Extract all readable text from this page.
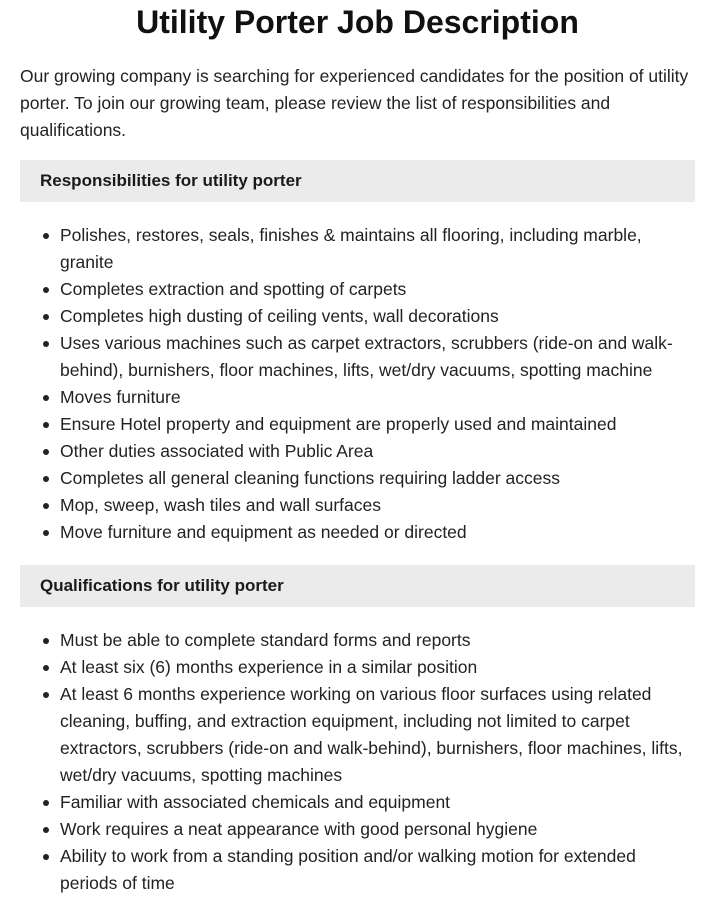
Utility Porter Job Description

Our growing company is searching for experienced candidates for the position of utility porter. To join our growing team, please review the list of responsibilities and qualifications.

Responsibilities for utility porter
Polishes, restores, seals, finishes & maintains all flooring, including marble, granite
Completes extraction and spotting of carpets
Completes high dusting of ceiling vents, wall decorations
Uses various machines such as carpet extractors, scrubbers (ride-on and walk-behind), burnishers, floor machines, lifts, wet/dry vacuums, spotting machine
Moves furniture
Ensure Hotel property and equipment are properly used and maintained
Other duties associated with Public Area
Completes all general cleaning functions requiring ladder access
Mop, sweep, wash tiles and wall surfaces
Move furniture and equipment as needed or directed
Qualifications for utility porter
Must be able to complete standard forms and reports
At least six (6) months experience in a similar position
At least 6 months experience working on various floor surfaces using related cleaning, buffing, and extraction equipment, including not limited to carpet extractors, scrubbers (ride-on and walk-behind), burnishers, floor machines, lifts, wet/dry vacuums, spotting machines
Familiar with associated chemicals and equipment
Work requires a neat appearance with good personal hygiene
Ability to work from a standing position and/or walking motion for extended periods of time
